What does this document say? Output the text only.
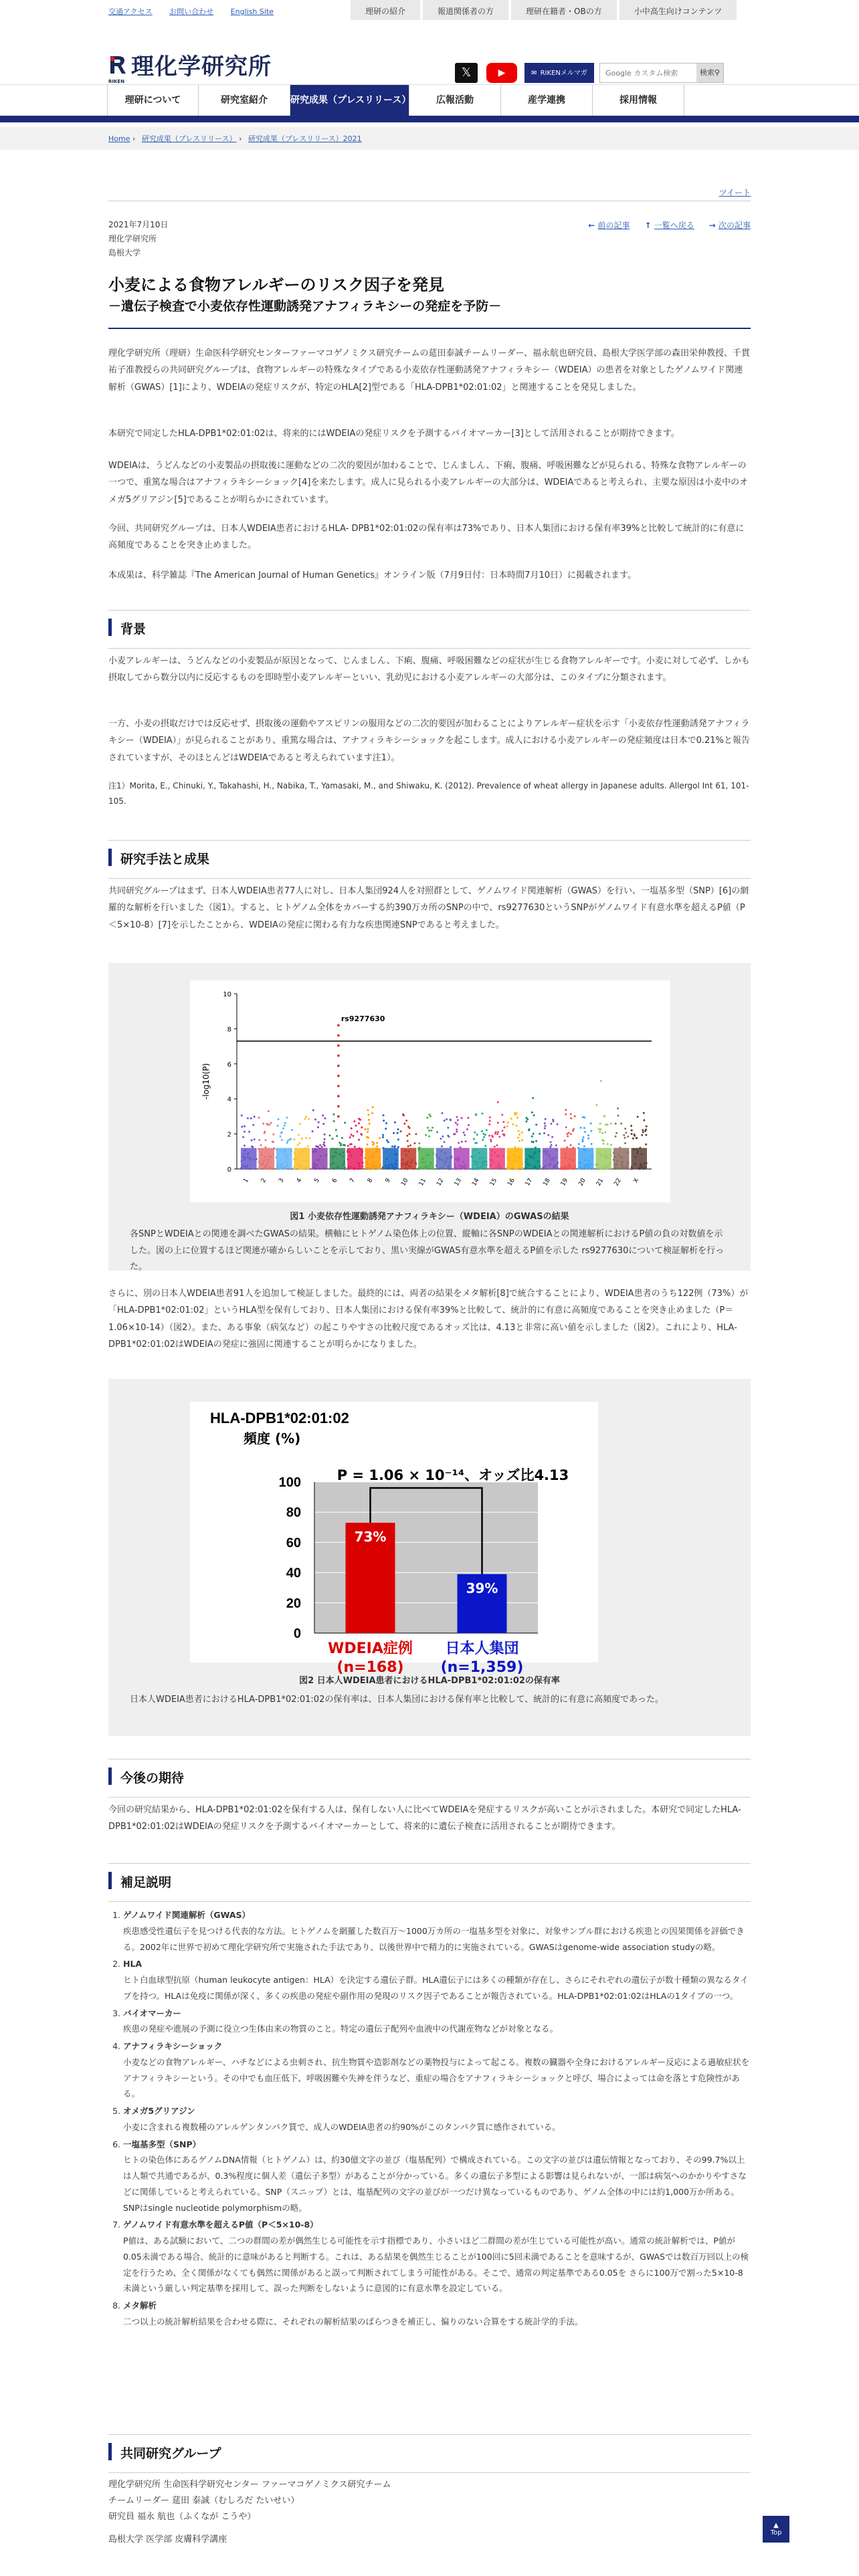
交通アクセス お問い合わせ English Site	理研の紹介	報道関係者の方	理研在籍者・OBの方	小中高生向けコンテンツ
理化学研究所
RIKEN
𝕏	▶	✉ RIKENメルマガ
Google カスタム検索	検索 ⚲
理研について	研究室紹介	研究成果（プレスリリース）	広報活動	産学連携	採用情報
Home › 研究成果（プレスリリース） › 研究成果（プレスリリース）2021
ツイート
2021年7月10日
理化学研究所
島根大学
← 前の記事 ↑ 一覧へ戻る → 次の記事
小麦による食物アレルギーのリスク因子を発見
－遺伝子検査で小麦依存性運動誘発アナフィラキシーの発症を予防－

理化学研究所（理研）生命医科学研究センターファーマコゲノミクス研究チームの莚田泰誠チームリーダー、福永航也研究員、島根大学医学部の森田栄伸教授、千貫祐子准教授らの共同研究グループは、食物アレルギーの特殊なタイプである小麦依存性運動誘発アナフィラキシー（WDEIA）の患者を対象としたゲノムワイド関連解析（GWAS）[1]により、WDEIAの発症リスクが、特定のHLA[2]型である「HLA-DPB1*02:01:02」と関連することを発見しました。

本研究で同定したHLA-DPB1*02:01:02は、将来的にはWDEIAの発症リスクを予測するバイオマーカー[3]として活用されることが期待できます。

WDEIAは、うどんなどの小麦製品の摂取後に運動などの二次的要因が加わることで、じんましん、下痢、腹痛、呼吸困難などが見られる、特殊な食物アレルギーの一つで、重篤な場合はアナフィラキシーショック[4]を来たします。成人に見られる小麦アレルギーの大部分は、WDEIAであると考えられ、主要な原因は小麦中のオメガ5グリアジン[5]であることが明らかにされています。

今回、共同研究グループは、日本人WDEIA患者におけるHLA- DPB1*02:01:02の保有率は73%であり、日本人集団における保有率39%と比較して統計的に有意に高頻度であることを突き止めました。

本成果は、科学雑誌『The American Journal of Human Genetics』オンライン版（7月9日付：日本時間7月10日）に掲載されます。

背景

小麦アレルギーは、うどんなどの小麦製品が原因となって、じんましん、下痢、腹痛、呼吸困難などの症状が生じる食物アレルギーです。小麦に対して必ず、しかも摂取してから数分以内に反応するものを即時型小麦アレルギーといい、乳幼児における小麦アレルギーの大部分は、このタイプに分類されます。

一方、小麦の摂取だけでは反応せず、摂取後の運動やアスピリンの服用などの二次的要因が加わることによりアレルギー症状を示す「小麦依存性運動誘発アナフィラキシー（WDEIA）」が見られることがあり、重篤な場合は、アナフィラキシーショックを起こします。成人における小麦アレルギーの発症頻度は日本で0.21%と報告されていますが、そのほとんどはWDEIAであると考えられています注1）。

注1）Morita, E., Chinuki, Y., Takahashi, H., Nabika, T., Yamasaki, M., and Shiwaku, K. (2012). Prevalence of wheat allergy in Japanese adults. Allergol Int 61, 101-105.

研究手法と成果

共同研究グループはまず、日本人WDEIA患者77人に対し、日本人集団924人を対照群として、ゲノムワイド関連解析（GWAS）を行い、一塩基多型（SNP）[6]の網羅的な解析を行いました（図1）。すると、ヒトゲノム全体をカバーする約390万カ所のSNPの中で、rs9277630というSNPがゲノムワイド有意水準を超えるP値（P＜5×10-8）[7]を示したことから、WDEIAの発症に関わる有力な疾患関連SNPであると考えました。

0
2
4
6
8
10
-log10(P)
1 2 3 4 5 6 7 8 9 10 11 12 13 14 15 16 17 18 19 20 21 22 X
rs9277630
図1 小麦依存性運動誘発アナフィラキシー（WDEIA）のGWASの結果
各SNPとWDEIAとの関連を調べたGWASの結果。横軸にヒトゲノム染色体上の位置、縦軸に各SNPのWDEIAとの関連解析におけるP値の負の対数値を示した。図の上に位置するほど関連が確からしいことを示しており、黒い実線がGWAS有意水準を超えるP値を示した rs9277630について検証解析を行った。

さらに、別の日本人WDEIA患者91人を追加して検証しました。最終的には、両者の結果をメタ解析[8]で統合することにより、WDEIA患者のうち122例（73%）が「HLA-DPB1*02:01:02」というHLA型を保有しており、日本人集団における保有率39%と比較して、統計的に有意に高頻度であることを突き止めました（P＝1.06×10-14）（図2）。また、ある事象（病気など）の起こりやすさの比較尺度であるオッズ比は、4.13と非常に高い値を示しました（図2）。これにより、HLA-DPB1*02:01:02はWDEIAの発症に強固に関連することが明らかになりました。

HLA-DPB1*02:01:02
頻度 (%)
0
20
40
60
80
100
73%
WDEIA症例
(n=168)
39%
日本人集団
(n=1,359)
P = 1.06 × 10⁻¹⁴、オッズ比4.13
図2 日本人WDEIA患者におけるHLA-DPB1*02:01:02の保有率
日本人WDEIA患者におけるHLA-DPB1*02:01:02の保有率は、日本人集団における保有率と比較して、統計的に有意に高頻度であった。
今後の期待

今回の研究結果から、HLA-DPB1*02:01:02を保有する人は、保有しない人に比べてWDEIAを発症するリスクが高いことが示されました。本研究で同定したHLA-DPB1*02:01:02はWDEIAの発症リスクを予測するバイオマーカーとして、将来的に遺伝子検査に活用されることが期待できます。

補足説明
1. ゲノムワイド関連解析（GWAS）
疾患感受性遺伝子を見つける代表的な方法。ヒトゲノムを網羅した数百万～1000万カ所の一塩基多型を対象に、対象サンプル群における疾患との因果関係を評価できる。2002年に世界で初めて理化学研究所で実施された手法であり、以後世界中で精力的に実施されている。GWASはgenome-wide association studyの略。
2. HLA
ヒト白血球型抗原（human leukocyte antigen：HLA）を決定する遺伝子群。HLA遺伝子には多くの種類が存在し、さらにそれぞれの遺伝子が数十種類の異なるタイプを持つ。HLAは免疫に関係が深く、多くの疾患の発症や副作用の発現のリスク因子であることが報告されている。HLA-DPB1*02:01:02はHLAの1タイプの一つ。
3. バイオマーカー
疾患の発症や進展の予測に役立つ生体由来の物質のこと。特定の遺伝子配列や血液中の代謝産物などが対象となる。
4. アナフィラキシーショック
小麦などの食物アレルギー、ハチなどによる虫刺され、抗生物質や造影剤などの薬物投与によって起こる。複数の臓器や全身におけるアレルギー反応による過敏症状をアナフィラキシーという。その中でも血圧低下、呼吸困難や失神を伴うなど、重症の場合をアナフィラキシーショックと呼び、場合によっては命を落とす危険性がある。
5. オメガ5グリアジン
小麦に含まれる複数種のアレルゲンタンパク質で、成人のWDEIA患者の約90%がこのタンパク質に感作されている。
6. 一塩基多型（SNP）
ヒトの染色体にあるゲノムDNA情報（ヒトゲノム）は、約30億文字の並び（塩基配列）で構成されている。この文字の並びは遺伝情報となっており、その99.7%以上は人類で共通であるが、0.3%程度に個人差（遺伝子多型）があることが分かっている。多くの遺伝子多型による影響は見られないが、一部は病気へのかかりやすさなどに関係していると考えられている。SNP（スニップ）とは、塩基配列の文字の並びが一つだけ異なっているものであり、ゲノム全体の中には約1,000万か所ある。SNPはsingle nucleotide polymorphismの略。
7. ゲノムワイド有意水準を超えるP値（P＜5×10-8）
P値は、ある試験において、二つの群間の差が偶然生じる可能性を示す指標であり、小さいほど二群間の差が生じている可能性が高い。通常の統計解析では、P値が0.05未満である場合、統計的に意味があると判断する。これは、ある結果を偶然生じることが100回に5回未満であることを意味するが、GWASでは数百万回以上の検定を行うため、全く関係がなくても偶然に関係があると誤って判断されてしまう可能性がある。そこで、通常の判定基準である0.05を さらに100万で割った5×10-8未満という厳しい判定基準を採用して、誤った判断をしないように意図的に有意水準を設定している。
8. メタ解析
二つ以上の統計解析結果を合わせる際に、それぞれの解析結果のばらつきを補正し、偏りのない合算をする統計学的手法。
共同研究グループ
理化学研究所 生命医科学研究センター ファーマコゲノミクス研究チーム
チームリーダー 莚田 泰誠（むしろだ たいせい）
研究員 福永 航也（ふくなが こうや）
島根大学 医学部 皮膚科学講座
▲
Top
